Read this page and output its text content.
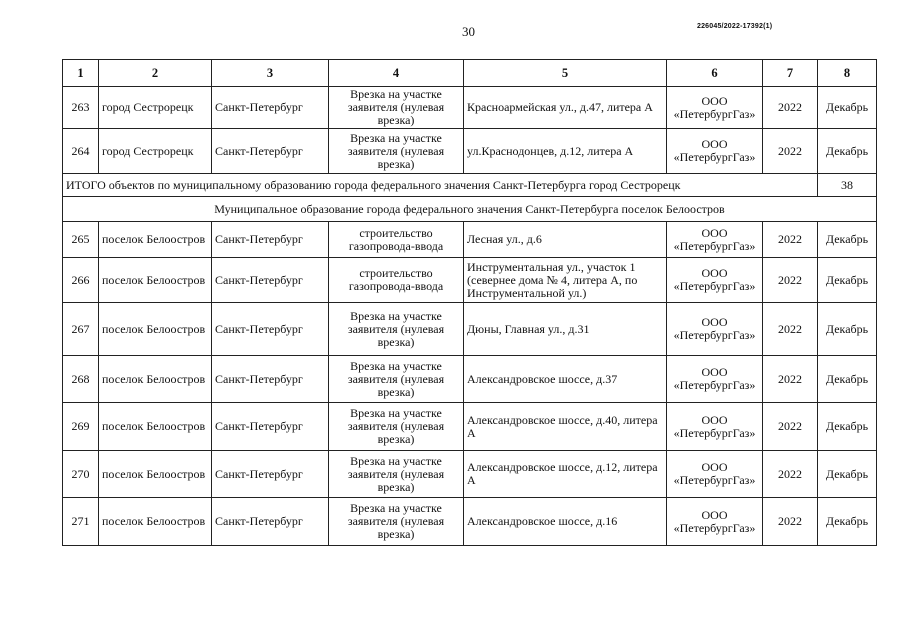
30	226045/2022-17392(1)
1	2	3	4	5	6	7	8
263	город Сестрорецк	Санкт-Петербург	Врезка на участке заявителя (нулевая врезка)	Красноармейская ул., д.47, литера А	ООО «ПетербургГаз»	2022	Декабрь
264	город Сестрорецк	Санкт-Петербург	Врезка на участке заявителя (нулевая врезка)	ул.Краснодонцев, д.12, литера А	ООО «ПетербургГаз»	2022	Декабрь
ИТОГО объектов по муниципальному образованию города федерального значения Санкт-Петербурга город Сестрорецк							38
Муниципальное образование города федерального значения Санкт-Петербурга поселок Белоостров							
265	поселок Белоостров	Санкт-Петербург	строительство газопровода-ввода	Лесная ул., д.6	ООО «ПетербургГаз»	2022	Декабрь
266	поселок Белоостров	Санкт-Петербург	строительство газопровода-ввода	Инструментальная ул., участок 1 (севернее дома № 4, литера А, по Инструментальной ул.)	ООО «ПетербургГаз»	2022	Декабрь
267	поселок Белоостров	Санкт-Петербург	Врезка на участке заявителя (нулевая врезка)	Дюны, Главная ул., д.31	ООО «ПетербургГаз»	2022	Декабрь
268	поселок Белоостров	Санкт-Петербург	Врезка на участке заявителя (нулевая врезка)	Александровское шоссе, д.37	ООО «ПетербургГаз»	2022	Декабрь
269	поселок Белоостров	Санкт-Петербург	Врезка на участке заявителя (нулевая врезка)	Александровское шоссе, д.40, литера А	ООО «ПетербургГаз»	2022	Декабрь
270	поселок Белоостров	Санкт-Петербург	Врезка на участке заявителя (нулевая врезка)	Александровское шоссе, д.12, литера А	ООО «ПетербургГаз»	2022	Декабрь
271	поселок Белоостров	Санкт-Петербург	Врезка на участке заявителя (нулевая врезка)	Александровское шоссе, д.16	ООО «ПетербургГаз»	2022	Декабрь
